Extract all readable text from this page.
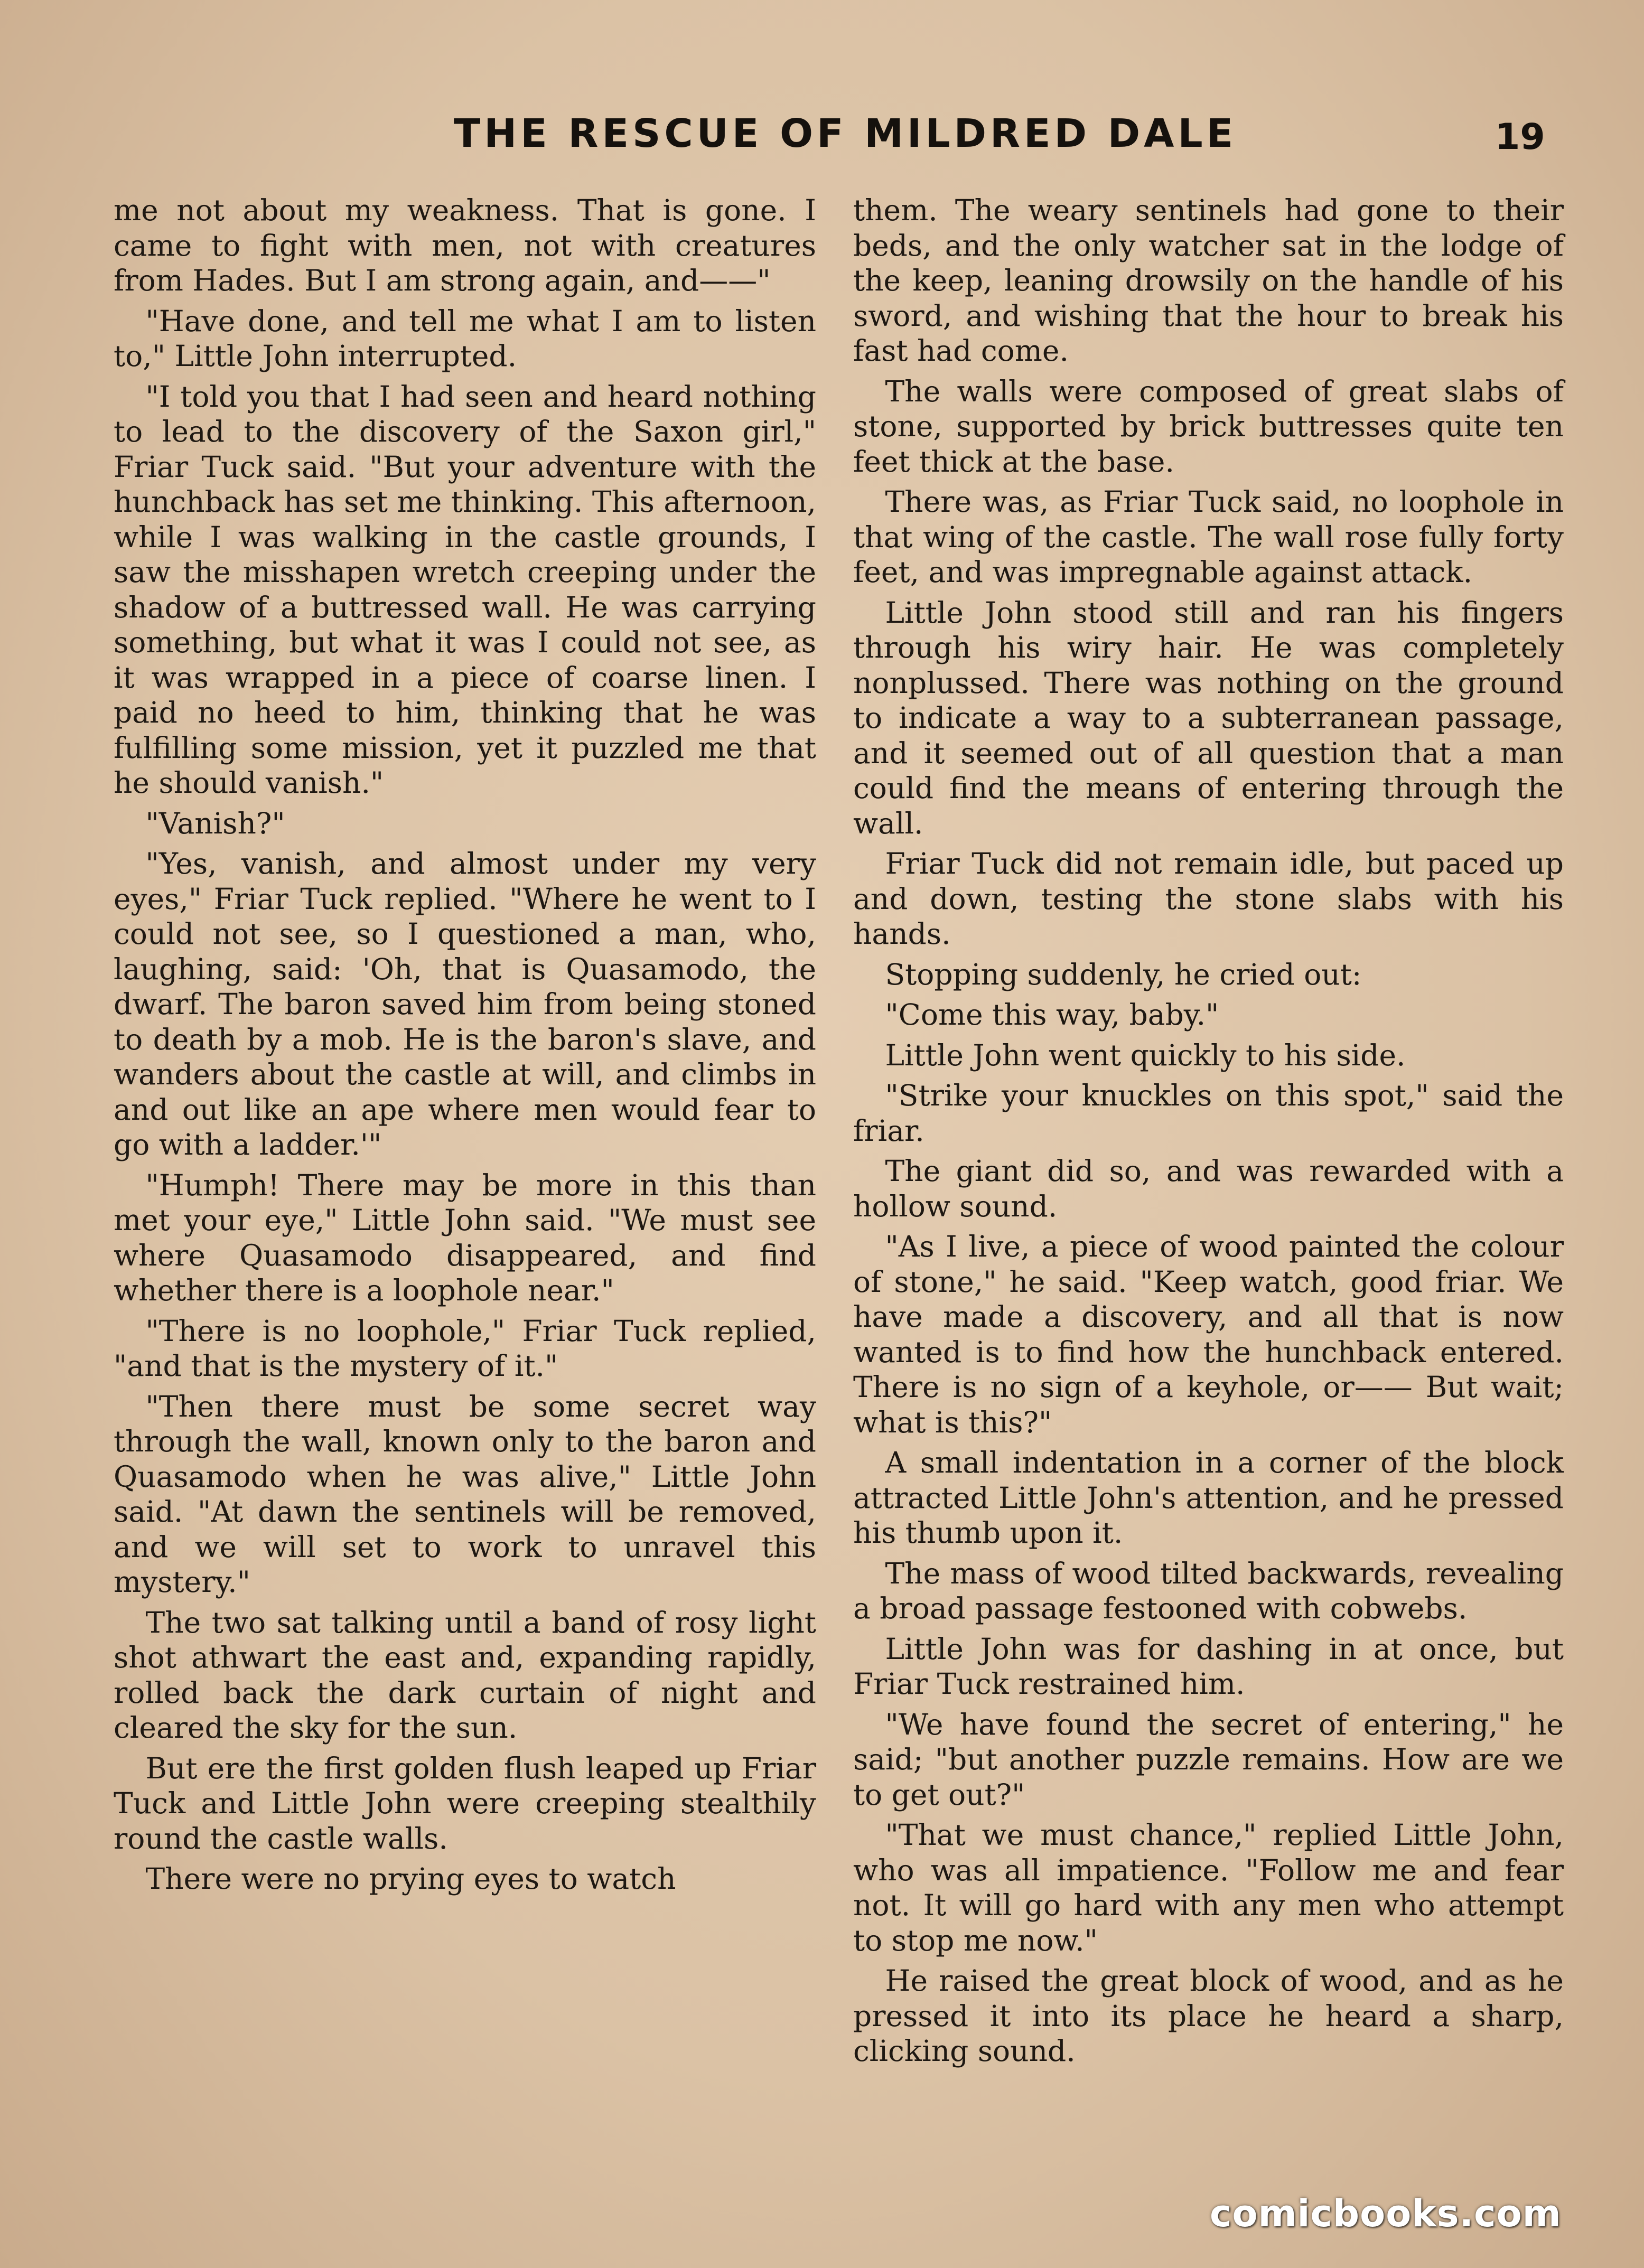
THE RESCUE OF MILDRED DALE	19

me not about my weakness. That is gone. I came to fight with men, not with creatures from Hades. But I am strong again, and——"

"Have done, and tell me what I am to listen to," Little John interrupted.

"I told you that I had seen and heard nothing to lead to the discovery of the Saxon girl," Friar Tuck said. "But your adventure with the hunchback has set me thinking. This afternoon, while I was walking in the castle grounds, I saw the misshapen wretch creeping under the shadow of a buttressed wall. He was carrying something, but what it was I could not see, as it was wrapped in a piece of coarse linen. I paid no heed to him, thinking that he was fulfilling some mission, yet it puzzled me that he should vanish."

"Vanish?"

"Yes, vanish, and almost under my very eyes," Friar Tuck replied. "Where he went to I could not see, so I questioned a man, who, laughing, said: 'Oh, that is Quasamodo, the dwarf. The baron saved him from being stoned to death by a mob. He is the baron's slave, and wanders about the castle at will, and climbs in and out like an ape where men would fear to go with a ladder.'"

"Humph! There may be more in this than met your eye," Little John said. "We must see where Quasamodo disappeared, and find whether there is a loophole near."

"There is no loophole," Friar Tuck replied, "and that is the mystery of it."

"Then there must be some secret way through the wall, known only to the baron and Quasamodo when he was alive," Little John said. "At dawn the sentinels will be removed, and we will set to work to unravel this mystery."

The two sat talking until a band of rosy light shot athwart the east and, expanding rapidly, rolled back the dark curtain of night and cleared the sky for the sun.

But ere the first golden flush leaped up Friar Tuck and Little John were creeping stealthily round the castle walls.

There were no prying eyes to watch

them. The weary sentinels had gone to their beds, and the only watcher sat in the lodge of the keep, leaning drowsily on the handle of his sword, and wishing that the hour to break his fast had come.

The walls were composed of great slabs of stone, supported by brick buttresses quite ten feet thick at the base.

There was, as Friar Tuck said, no loophole in that wing of the castle. The wall rose fully forty feet, and was impregnable against attack.

Little John stood still and ran his fingers through his wiry hair. He was completely nonplussed. There was nothing on the ground to indicate a way to a subterranean passage, and it seemed out of all question that a man could find the means of entering through the wall.

Friar Tuck did not remain idle, but paced up and down, testing the stone slabs with his hands.

Stopping suddenly, he cried out:

"Come this way, baby."

Little John went quickly to his side.

"Strike your knuckles on this spot," said the friar.

The giant did so, and was rewarded with a hollow sound.

"As I live, a piece of wood painted the colour of stone," he said. "Keep watch, good friar. We have made a discovery, and all that is now wanted is to find how the hunchback entered. There is no sign of a keyhole, or—— But wait; what is this?"

A small indentation in a corner of the block attracted Little John's attention, and he pressed his thumb upon it.

The mass of wood tilted backwards, revealing a broad passage festooned with cobwebs.

Little John was for dashing in at once, but Friar Tuck restrained him.

"We have found the secret of entering," he said; "but another puzzle remains. How are we to get out?"

"That we must chance," replied Little John, who was all impatience. "Follow me and fear not. It will go hard with any men who attempt to stop me now."

He raised the great block of wood, and as he pressed it into its place he heard a sharp, clicking sound.

comicbooks.com
